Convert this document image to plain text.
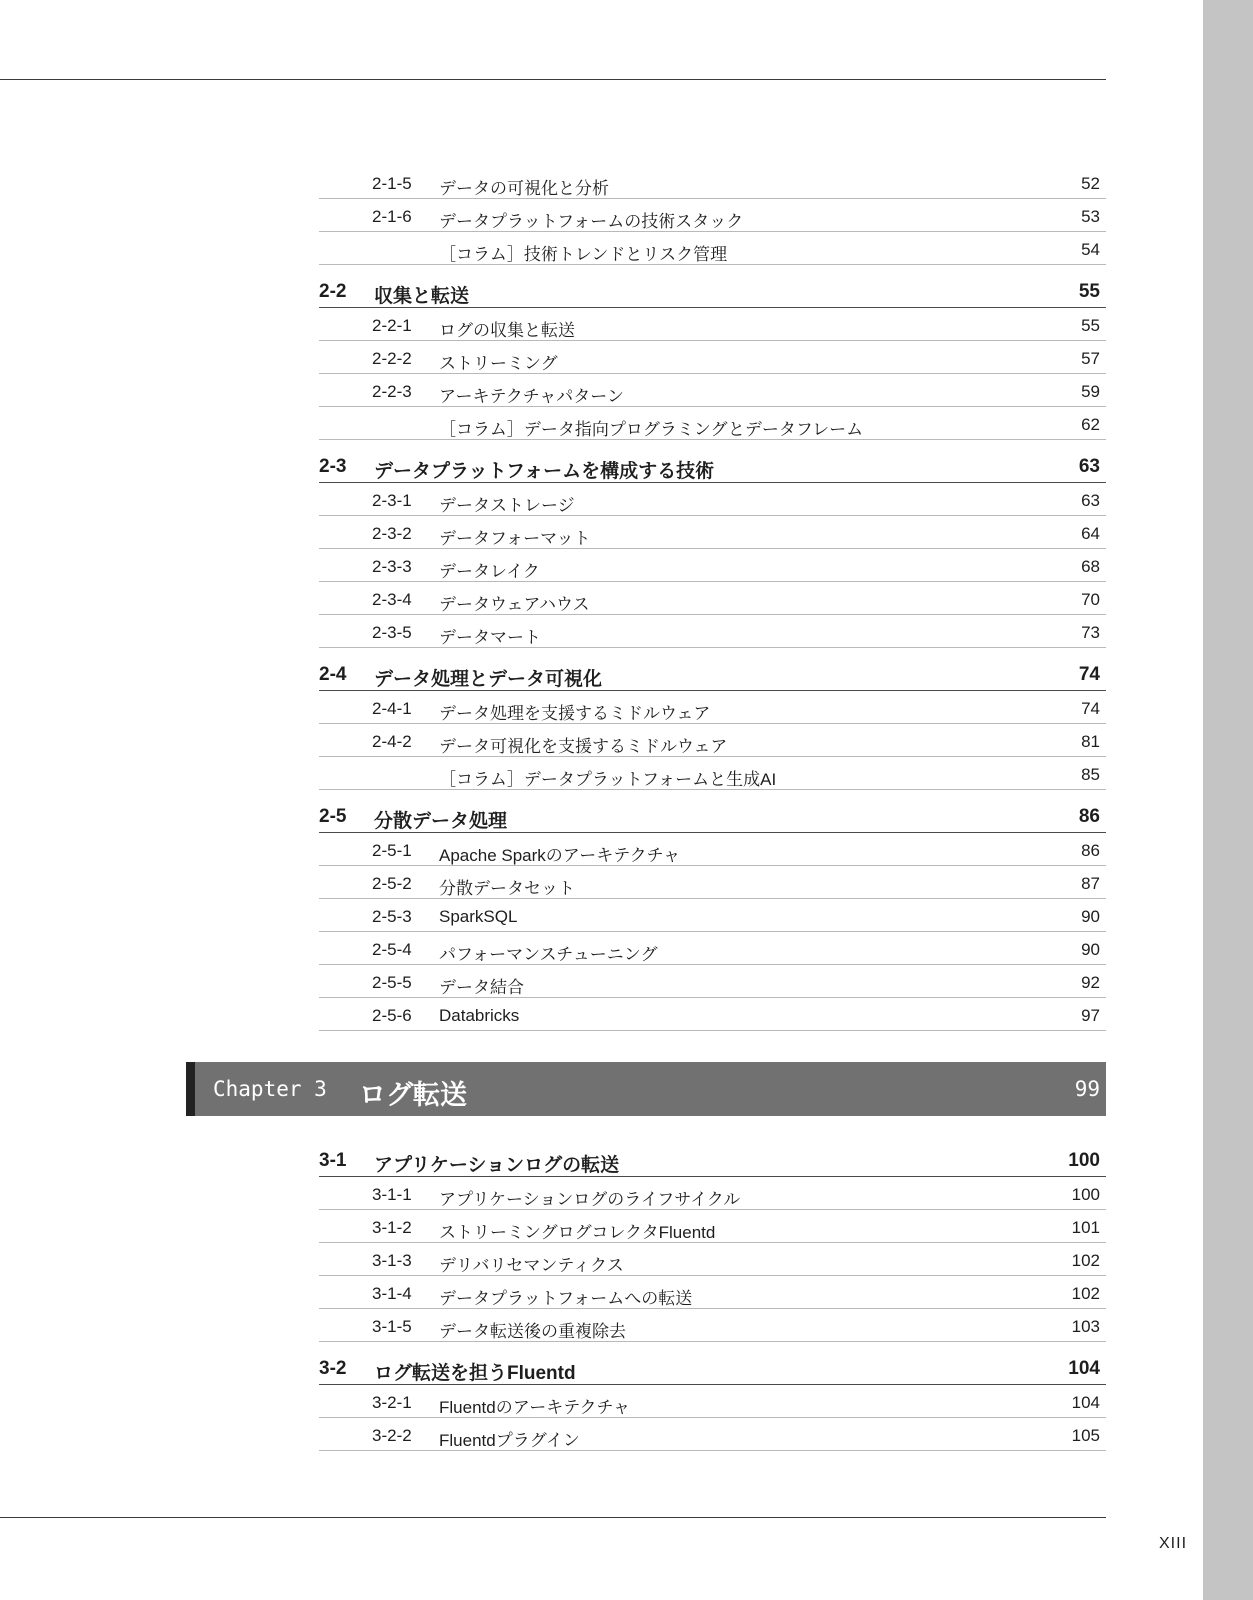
2-1-5 データの可視化と分析	52
2-1-6 データプラットフォームの技術スタック	53
［コラム］技術トレンドとリスク管理	54
2-2 収集と転送	55
2-2-1 ログの収集と転送	55
2-2-2 ストリーミング	57
2-2-3 アーキテクチャパターン	59
［コラム］データ指向プログラミングとデータフレーム	62
2-3 データプラットフォームを構成する技術	63
2-3-1 データストレージ	63
2-3-2 データフォーマット	64
2-3-3 データレイク	68
2-3-4 データウェアハウス	70
2-3-5 データマート	73
2-4 データ処理とデータ可視化	74
2-4-1 データ処理を支援するミドルウェア	74
2-4-2 データ可視化を支援するミドルウェア	81
［コラム］データプラットフォームと生成AI	85
2-5 分散データ処理	86
2-5-1 Apache Sparkのアーキテクチャ	86
2-5-2 分散データセット	87
2-5-3 SparkSQL	90
2-5-4 パフォーマンスチューニング	90
2-5-5 データ結合	92
2-5-6 Databricks	97
Chapter 3 ログ転送	99
3-1 アプリケーションログの転送	100
3-1-1 アプリケーションログのライフサイクル	100
3-1-2 ストリーミングログコレクタFluentd	101
3-1-3 デリバリセマンティクス	102
3-1-4 データプラットフォームへの転送	102
3-1-5 データ転送後の重複除去	103
3-2 ログ転送を担うFluentd	104
3-2-1 Fluentdのアーキテクチャ	104
3-2-2 Fluentdプラグイン	105
XIII
